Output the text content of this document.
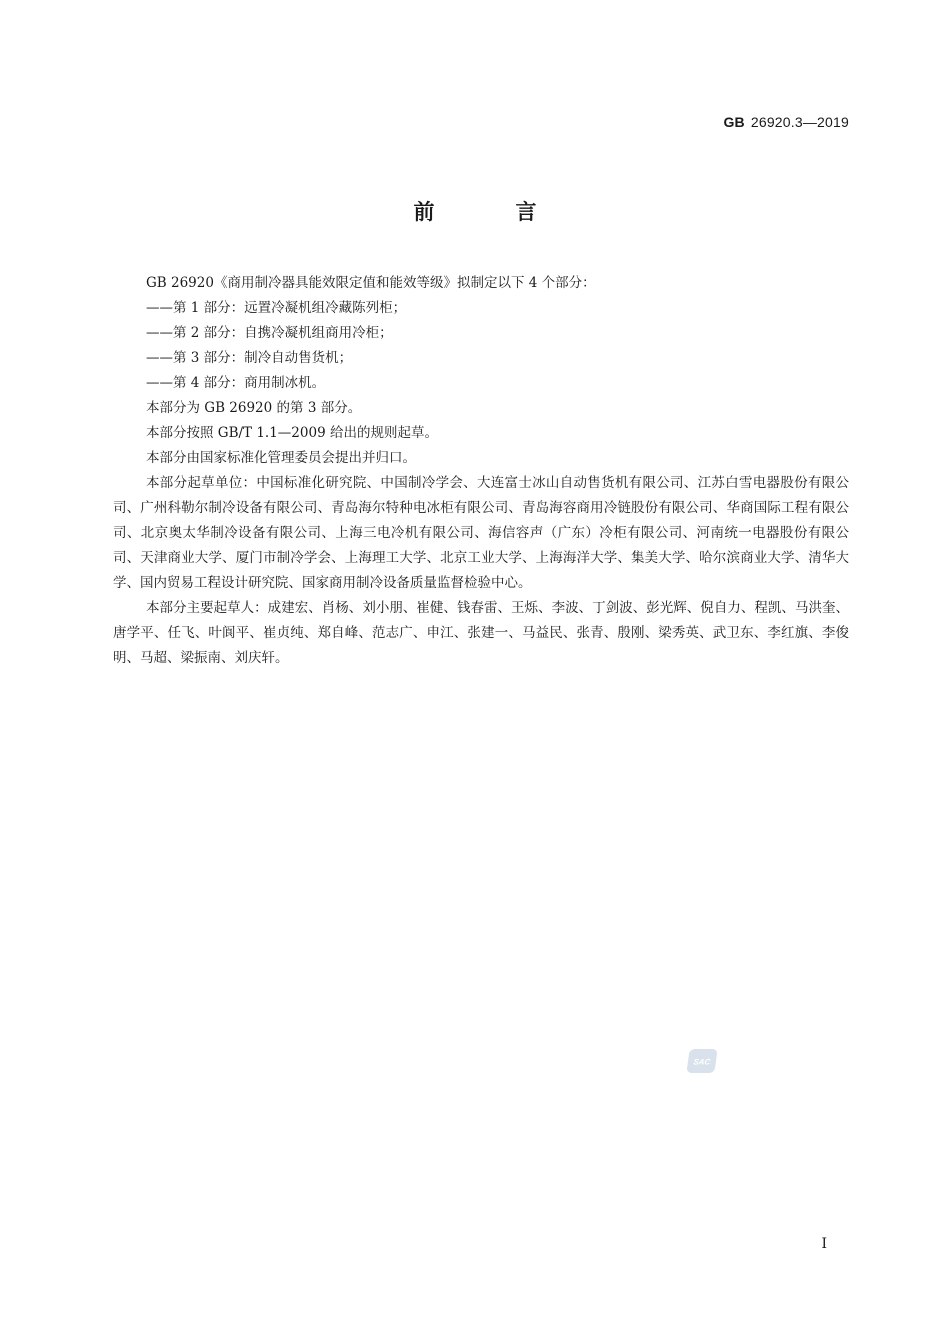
GB 26920.3—2019
前　言

GB 26920《商用制冷器具能效限定值和能效等级》拟制定以下 4 个部分：

——第 1 部分：远置冷凝机组冷藏陈列柜；

——第 2 部分：自携冷凝机组商用冷柜；

——第 3 部分：制冷自动售货机；

——第 4 部分：商用制冰机。

本部分为 GB 26920 的第 3 部分。

本部分按照 GB/T 1.1—2009 给出的规则起草。

本部分由国家标准化管理委员会提出并归口。

本部分起草单位：中国标准化研究院、中国制冷学会、大连富士冰山自动售货机有限公司、江苏白雪电器股份有限公司、广州科勒尔制冷设备有限公司、青岛海尔特种电冰柜有限公司、青岛海容商用冷链股份有限公司、华商国际工程有限公司、北京奥太华制冷设备有限公司、上海三电冷机有限公司、海信容声（广东）冷柜有限公司、河南统一电器股份有限公司、天津商业大学、厦门市制冷学会、上海理工大学、北京工业大学、上海海洋大学、集美大学、哈尔滨商业大学、清华大学、国内贸易工程设计研究院、国家商用制冷设备质量监督检验中心。

本部分主要起草人：成建宏、肖杨、刘小朋、崔健、钱春雷、王烁、李波、丁剑波、彭光辉、倪自力、程凯、马洪奎、唐学平、任飞、叶阆平、崔贞纯、郑自峰、范志广、申江、张建一、马益民、张青、殷刚、梁秀英、武卫东、李红旗、李俊明、马超、梁振南、刘庆轩。

SAC
I
